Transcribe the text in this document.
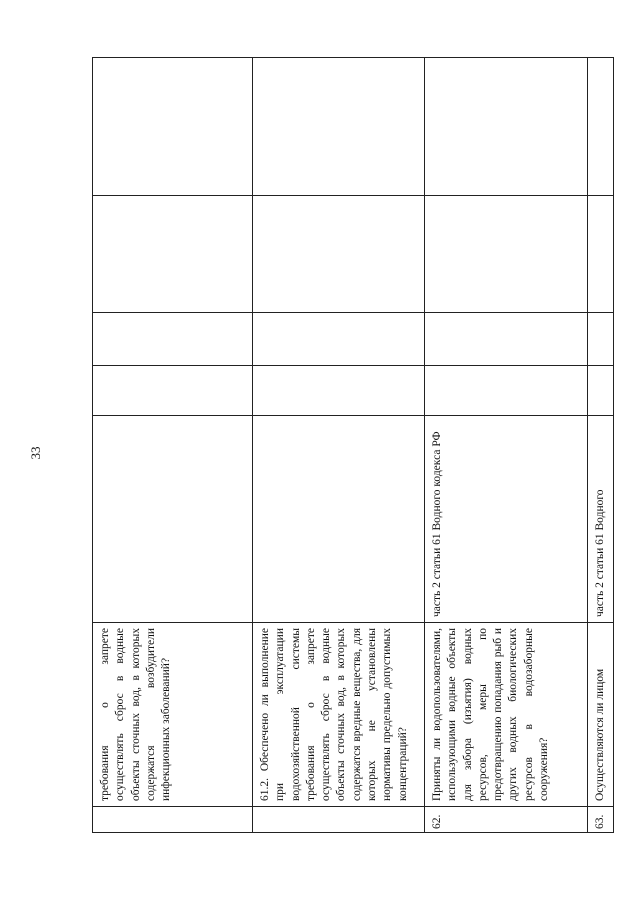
33
	требования о запрете осуществлять сброс в водные объекты сточных вод, в которых содержатся возбудители инфекционных заболеваний?					
	61.2. Обеспечено ли выполнение при эксплуатации водохозяйственной системы требования о запрете осуществлять сброс в водные объекты сточных вод, в которых содержатся вредные вещества, для которых не установлены нормативы предельно допустимых концентраций?					
62.	Приняты ли водопользователями, использующими водные объекты для забора (изъятия) водных ресурсов, меры по предотвращению попадания рыб и других водных биологических ресурсов в водозаборные сооружения?	часть 2 статьи 61 Водного кодекса РФ				
63.	Осуществляются ли лицом	часть 2 статьи 61 Водного				
